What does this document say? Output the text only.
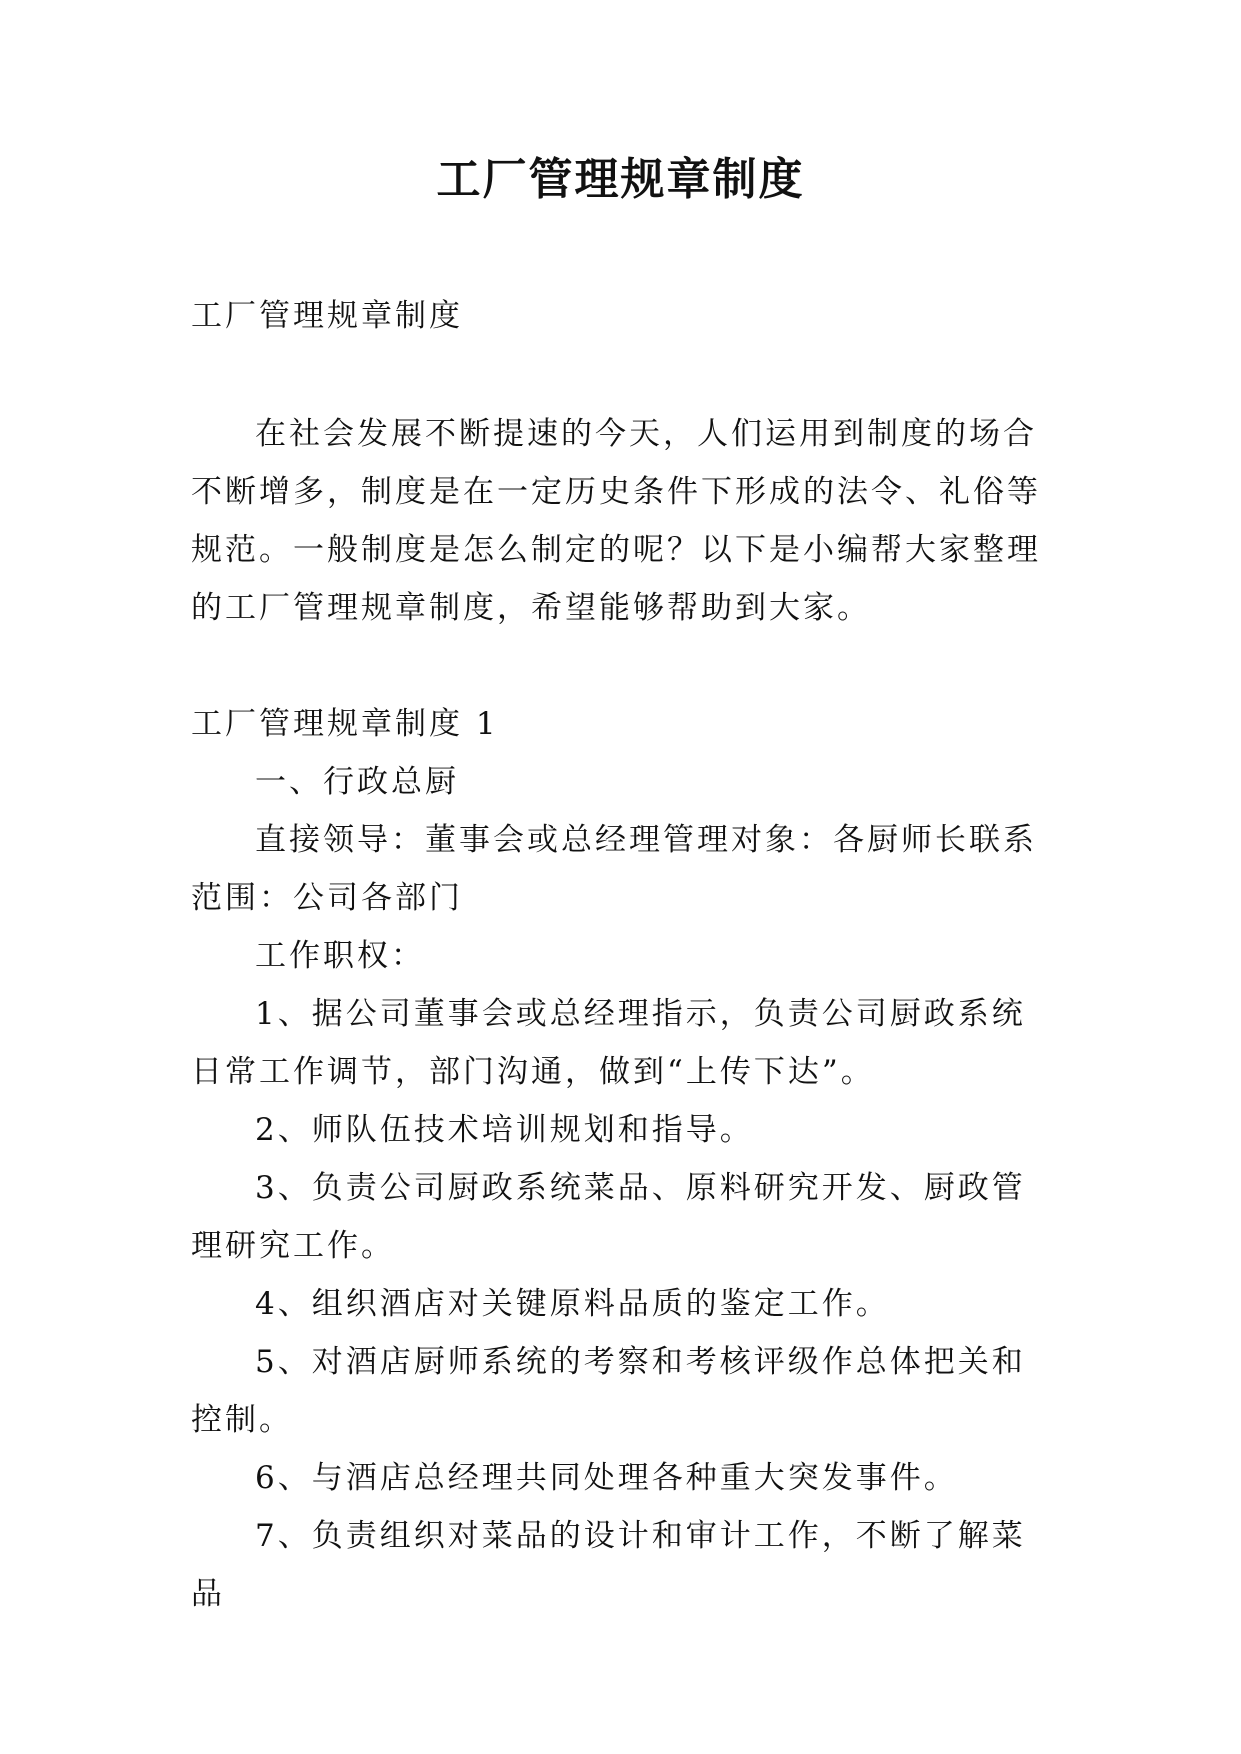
工厂管理规章制度

工厂管理规章制度

在社会发展不断提速的今天，人们运用到制度的场合不断增多，制度是在一定历史条件下形成的法令、礼俗等规范。一般制度是怎么制定的呢？以下是小编帮大家整理的工厂管理规章制度，希望能够帮助到大家。

工厂管理规章制度 1

一、行政总厨

直接领导：董事会或总经理管理对象：各厨师长联系范围：公司各部门

工作职权：

1、据公司董事会或总经理指示，负责公司厨政系统日常工作调节，部门沟通，做到“上传下达”。

2、师队伍技术培训规划和指导。

3、负责公司厨政系统菜品、原料研究开发、厨政管理研究工作。

4、组织酒店对关键原料品质的鉴定工作。

5、对酒店厨师系统的考察和考核评级作总体把关和控制。

6、与酒店总经理共同处理各种重大突发事件。

7、负责组织对菜品的设计和审计工作，不断了解菜品
